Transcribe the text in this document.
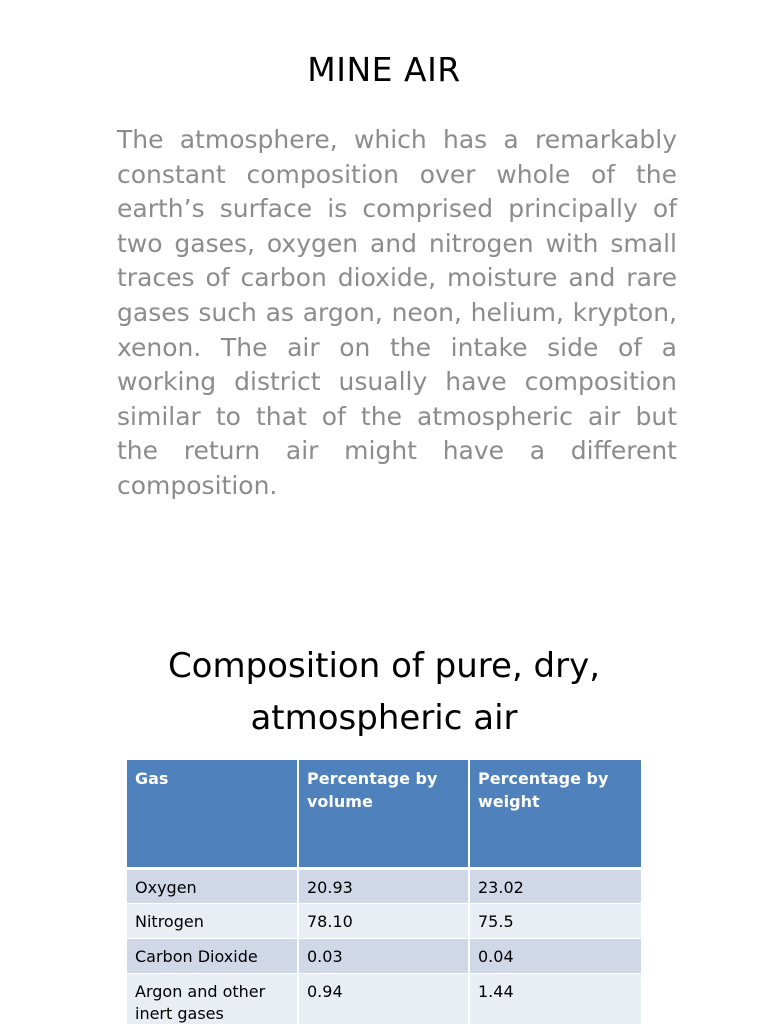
MINE AIR
The atmosphere, which has a remarkably constant composition over whole of the earth’s surface is comprised principally of two gases, oxygen and nitrogen with small traces of carbon dioxide, moisture and rare gases such as argon, neon, helium, krypton, xenon. The air on the intake side of a working district usually have composition similar to that of the atmospheric air but the return air might have a different composition.
Composition of pure, dry,
atmospheric air
Gas	Percentage by volume	Percentage by weight
Oxygen	20.93	23.02
Nitrogen	78.10	75.5
Carbon Dioxide	0.03	0.04
Argon and other inert gases	0.94	1.44
